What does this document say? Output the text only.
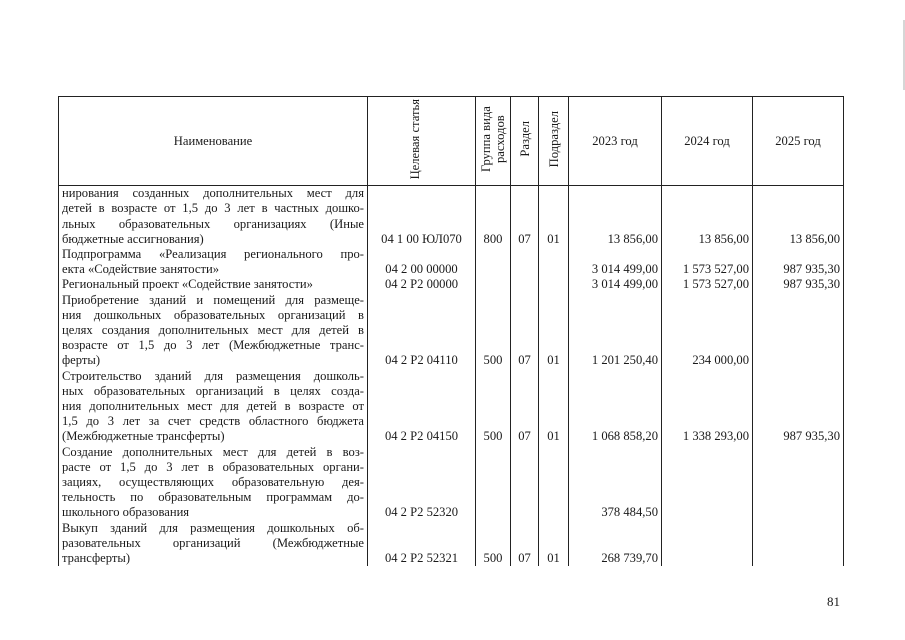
Наименование	Целевая статья	Группа вида расходов	Раздел	Подраздел	2023 год	2024 год	2025 год

нирования созданных дополнительных мест для
детей в возрасте от 1,5 до 3 лет в частных дошко-
льных образовательных организациях (Иные
бюджетные ассигнования)	04 1 00 ЮЛ070	800	07	01	13 856,00	13 856,00	13 856,00

Подпрограмма «Реализация регионального про-
екта «Содействие занятости»	04 2 00 00000				3 014 499,00	1 573 527,00	987 935,30

Региональный проект «Содействие занятости»	04 2 P2 00000				3 014 499,00	1 573 527,00	987 935,30

Приобретение зданий и помещений для размеще-
ния дошкольных образовательных организаций в
целях создания дополнительных мест для детей в
возрасте от 1,5 до 3 лет (Межбюджетные транс-
ферты)	04 2 P2 04110	500	07	01	1 201 250,40	234 000,00	

Строительство зданий для размещения дошколь-
ных образовательных организаций в целях созда-
ния дополнительных мест для детей в возрасте от
1,5 до 3 лет за счет средств областного бюджета
(Межбюджетные трансферты)	04 2 P2 04150	500	07	01	1 068 858,20	1 338 293,00	987 935,30

Создание дополнительных мест для детей в воз-
расте от 1,5 до 3 лет в образовательных органи-
зациях, осуществляющих образовательную дея-
тельность по образовательным программам до-
школьного образования	04 2 P2 52320				378 484,50		

Выкуп зданий для размещения дошкольных об-
разовательных организаций (Межбюджетные
трансферты)	04 2 P2 52321	500	07	01	268 739,70		
81
